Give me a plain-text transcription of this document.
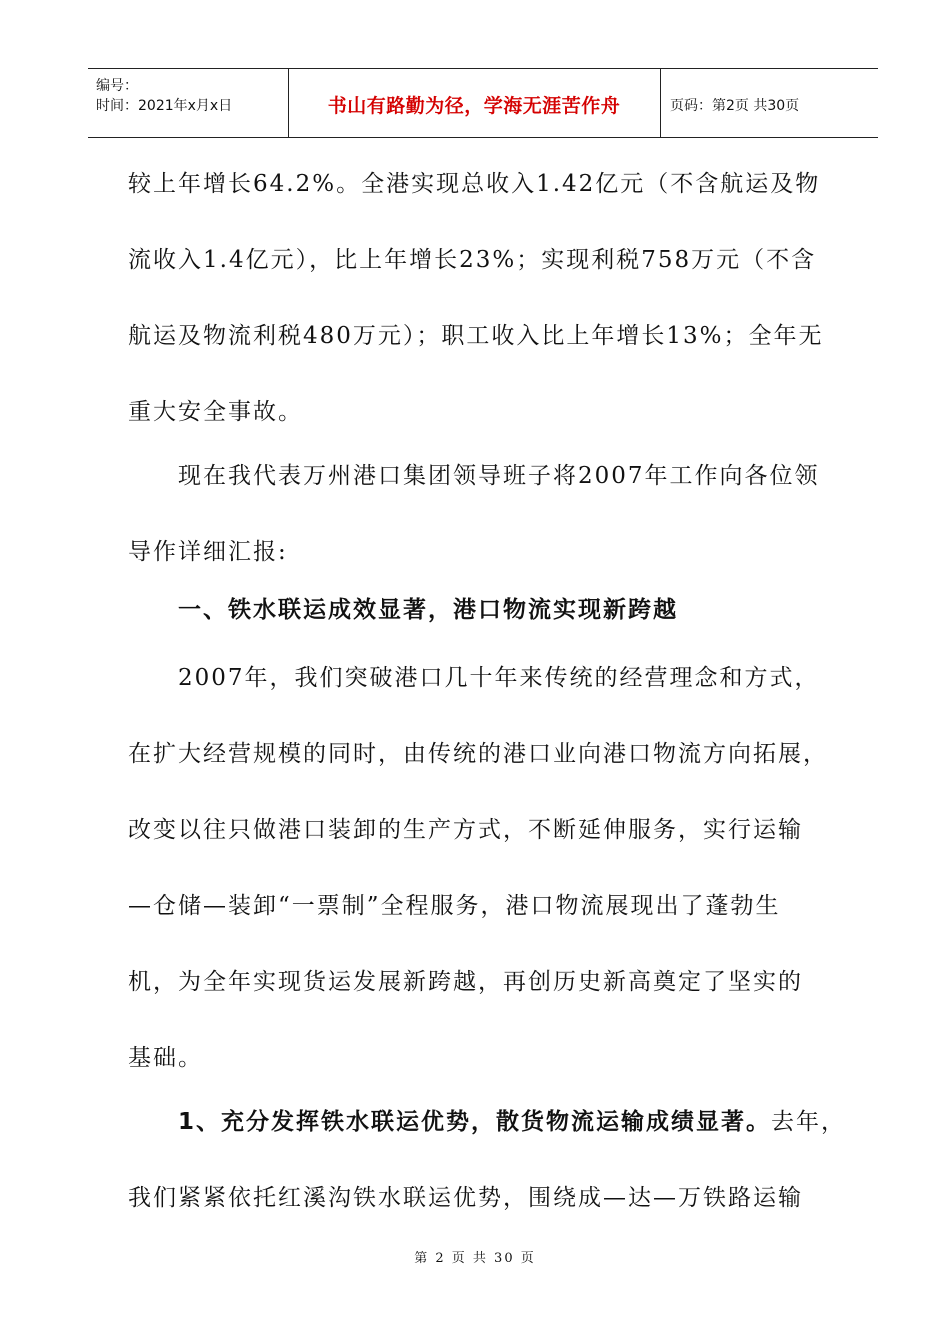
编号：
时间：2021年x月x日	书山有路勤为径，学海无涯苦作舟	页码：第2页 共30页
较上年增长64.2%。全港实现总收入1.42亿元（不含航运及物
流收入1.4亿元），比上年增长23%；实现利税758万元（不含
航运及物流利税480万元）；职工收入比上年增长13%；全年无
重大安全事故。
现在我代表万州港口集团领导班子将2007年工作向各位领
导作详细汇报:
一、铁水联运成效显著，港口物流实现新跨越
2007年，我们突破港口几十年来传统的经营理念和方式，
在扩大经营规模的同时，由传统的港口业向港口物流方向拓展，
改变以往只做港口装卸的生产方式，不断延伸服务，实行运输
—仓储—装卸“一票制”全程服务，港口物流展现出了蓬勃生
机，为全年实现货运发展新跨越，再创历史新高奠定了坚实的
基础。
1、充分发挥铁水联运优势，散货物流运输成绩显著。去年，
我们紧紧依托红溪沟铁水联运优势，围绕成—达—万铁路运输
第 2 页 共 30 页
